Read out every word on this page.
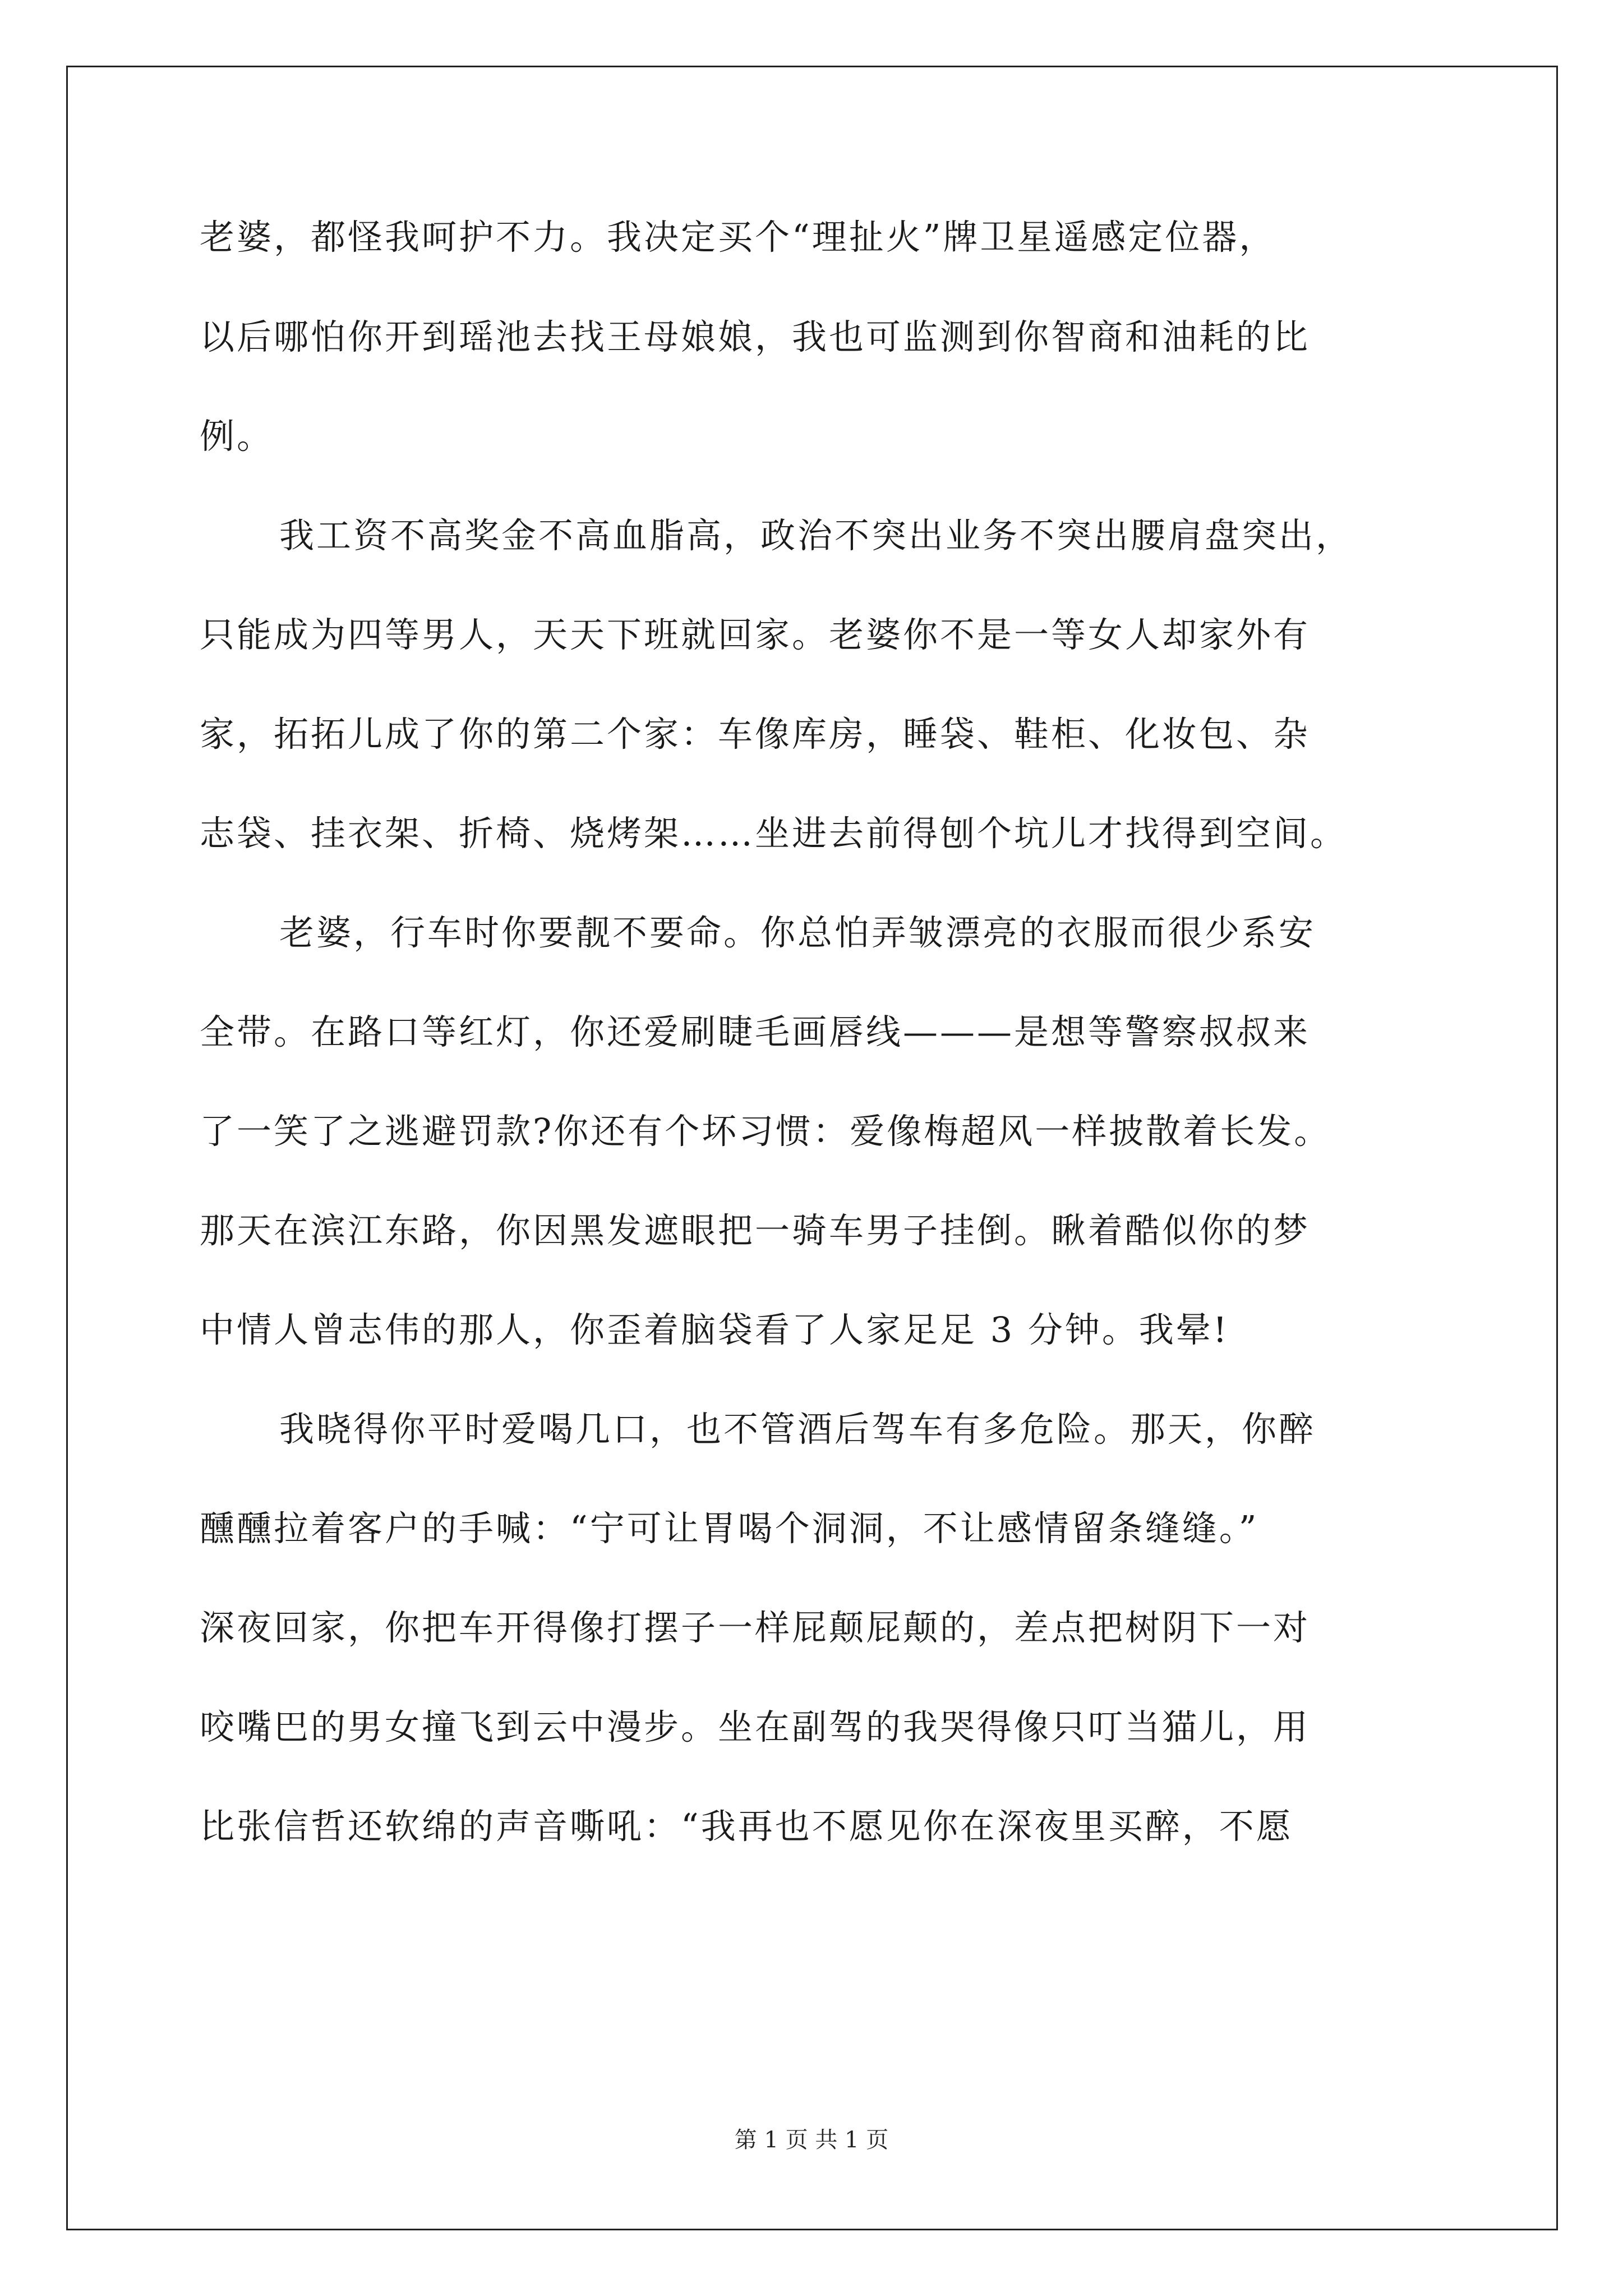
老婆，都怪我呵护不力。我决定买个“理扯火”牌卫星遥感定位器，
以后哪怕你开到瑶池去找王母娘娘，我也可监测到你智商和油耗的比
例。
我工资不高奖金不高血脂高，政治不突出业务不突出腰肩盘突出，
只能成为四等男人，天天下班就回家。老婆你不是一等女人却家外有
家，拓拓儿成了你的第二个家：车像库房，睡袋、鞋柜、化妆包、杂
志袋、挂衣架、折椅、烧烤架……坐进去前得刨个坑儿才找得到空间。
老婆，行车时你要靓不要命。你总怕弄皱漂亮的衣服而很少系安
全带。在路口等红灯，你还爱刷睫毛画唇线———是想等警察叔叔来
了一笑了之逃避罚款?你还有个坏习惯：爱像梅超风一样披散着长发。
那天在滨江东路，你因黑发遮眼把一骑车男子挂倒。瞅着酷似你的梦
中情人曾志伟的那人，你歪着脑袋看了人家足足 3 分钟。我晕!
我晓得你平时爱喝几口，也不管酒后驾车有多危险。那天，你醉
醺醺拉着客户的手喊：“宁可让胃喝个洞洞，不让感情留条缝缝。”
深夜回家，你把车开得像打摆子一样屁颠屁颠的，差点把树阴下一对
咬嘴巴的男女撞飞到云中漫步。坐在副驾的我哭得像只叮当猫儿，用
比张信哲还软绵的声音嘶吼：“我再也不愿见你在深夜里买醉，不愿
第 1 页 共 1 页
